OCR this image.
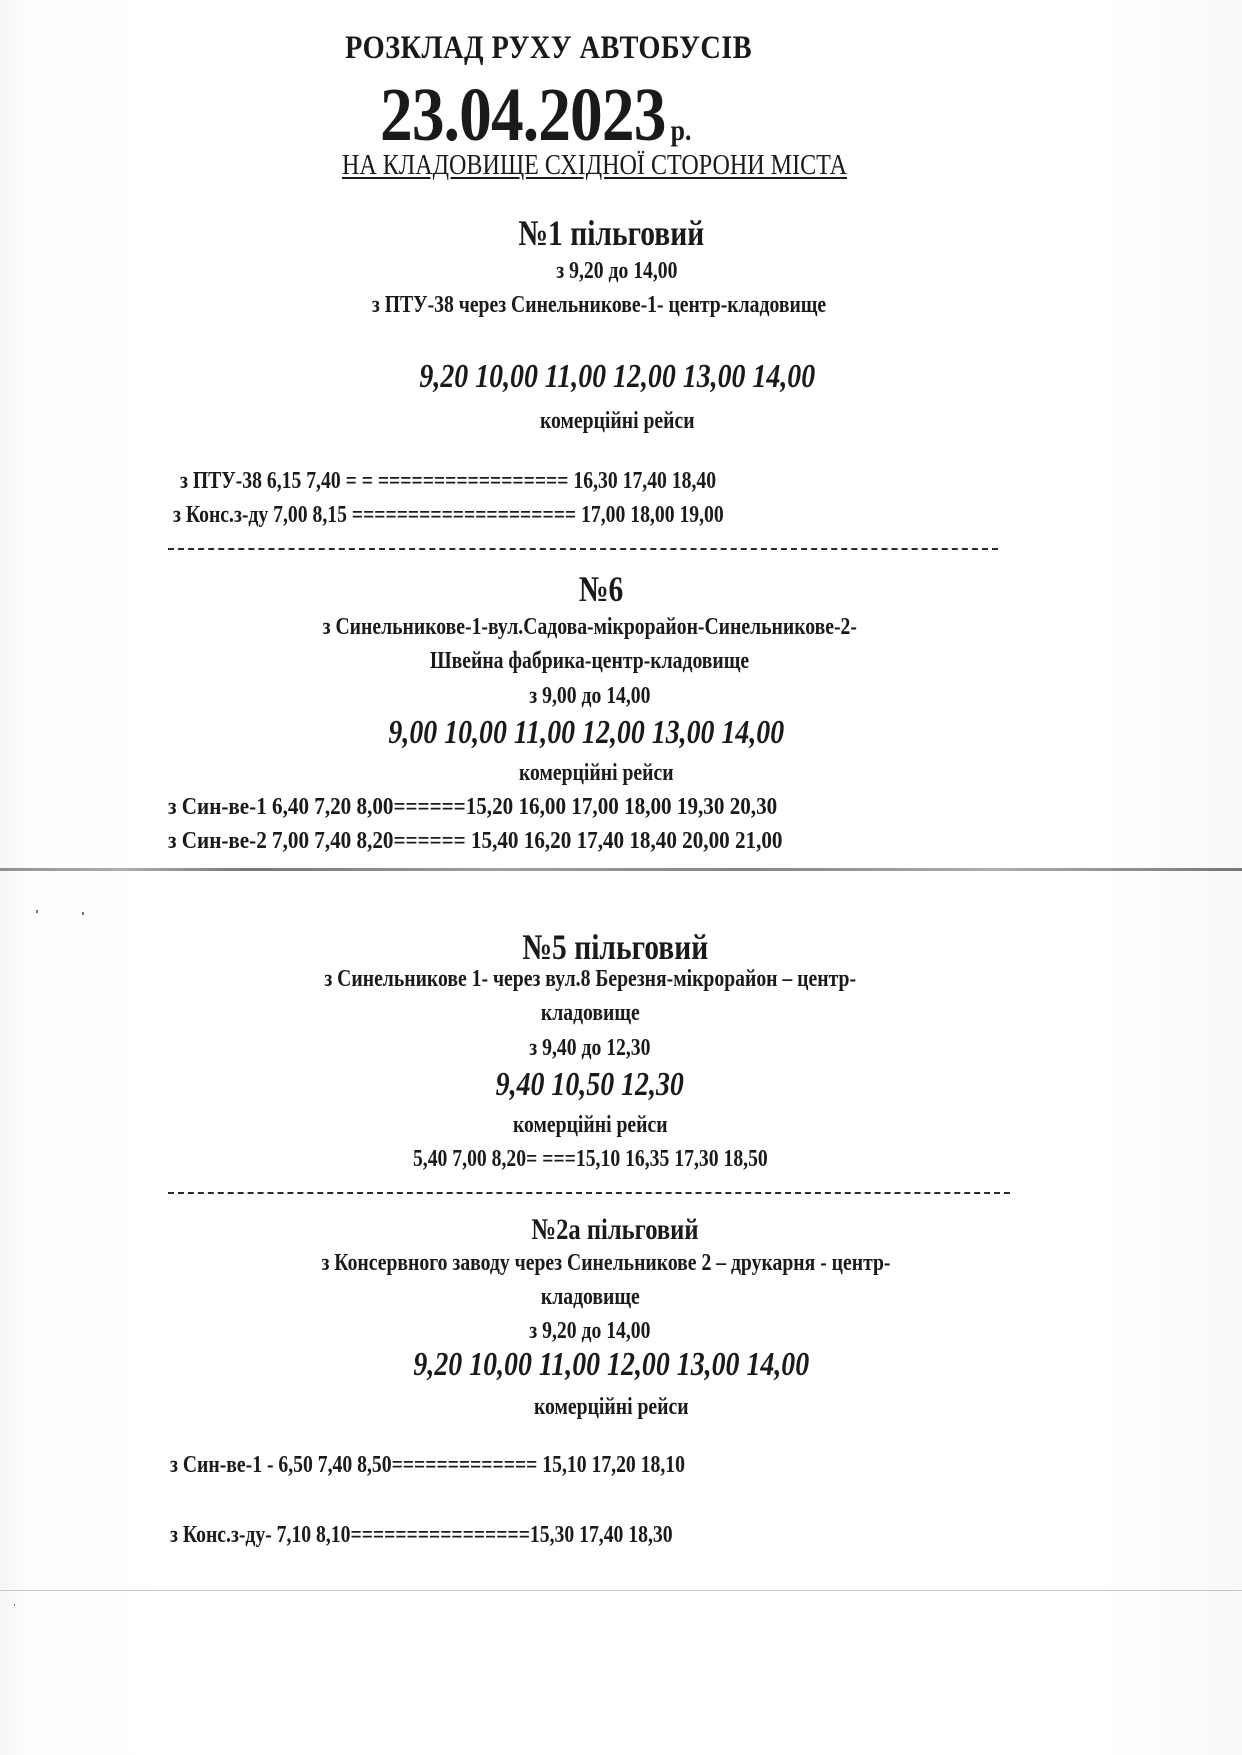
РОЗКЛАД РУХУ АВТОБУСІВ
23.04.2023 р.
НА КЛАДОВИЩЕ СХІДНОЇ СТОРОНИ МІСТА
№1 пільговий
з 9,20 до 14,00
з ПТУ-38 через Синельникове-1- центр-кладовище
9,20 10,00 11,00 12,00 13,00 14,00
комерційні рейси
з ПТУ-38 6,15 7,40 = = ================= 16,30 17,40 18,40
з Конс.з-ду 7,00 8,15 ==================== 17,00 18,00 19,00
№6
з Синельникове-1-вул.Садова-мікрорайон-Синельникове-2-
Швейна фабрика-центр-кладовище
з 9,00 до 14,00
9,00 10,00 11,00 12,00 13,00 14,00
комерційні рейси
з Син-ве-1 6,40 7,20 8,00======15,20 16,00 17,00 18,00 19,30 20,30
з Син-ве-2 7,00 7,40 8,20====== 15,40 16,20 17,40 18,40 20,00 21,00
№5 пільговий
з Синельникове 1- через вул.8 Березня-мікрорайон – центр-
кладовище
з 9,40 до 12,30
9,40 10,50 12,30
комерційні рейси
5,40 7,00 8,20= ===15,10 16,35 17,30 18,50
№2а пільговий
з Консервного заводу через Синельникове 2 – друкарня - центр-
кладовище
з 9,20 до 14,00
9,20 10,00 11,00 12,00 13,00 14,00
комерційні рейси
з Син-ве-1 - 6,50 7,40 8,50============= 15,10 17,20 18,10
з Конс.з-ду- 7,10 8,10================15,30 17,40 18,30
